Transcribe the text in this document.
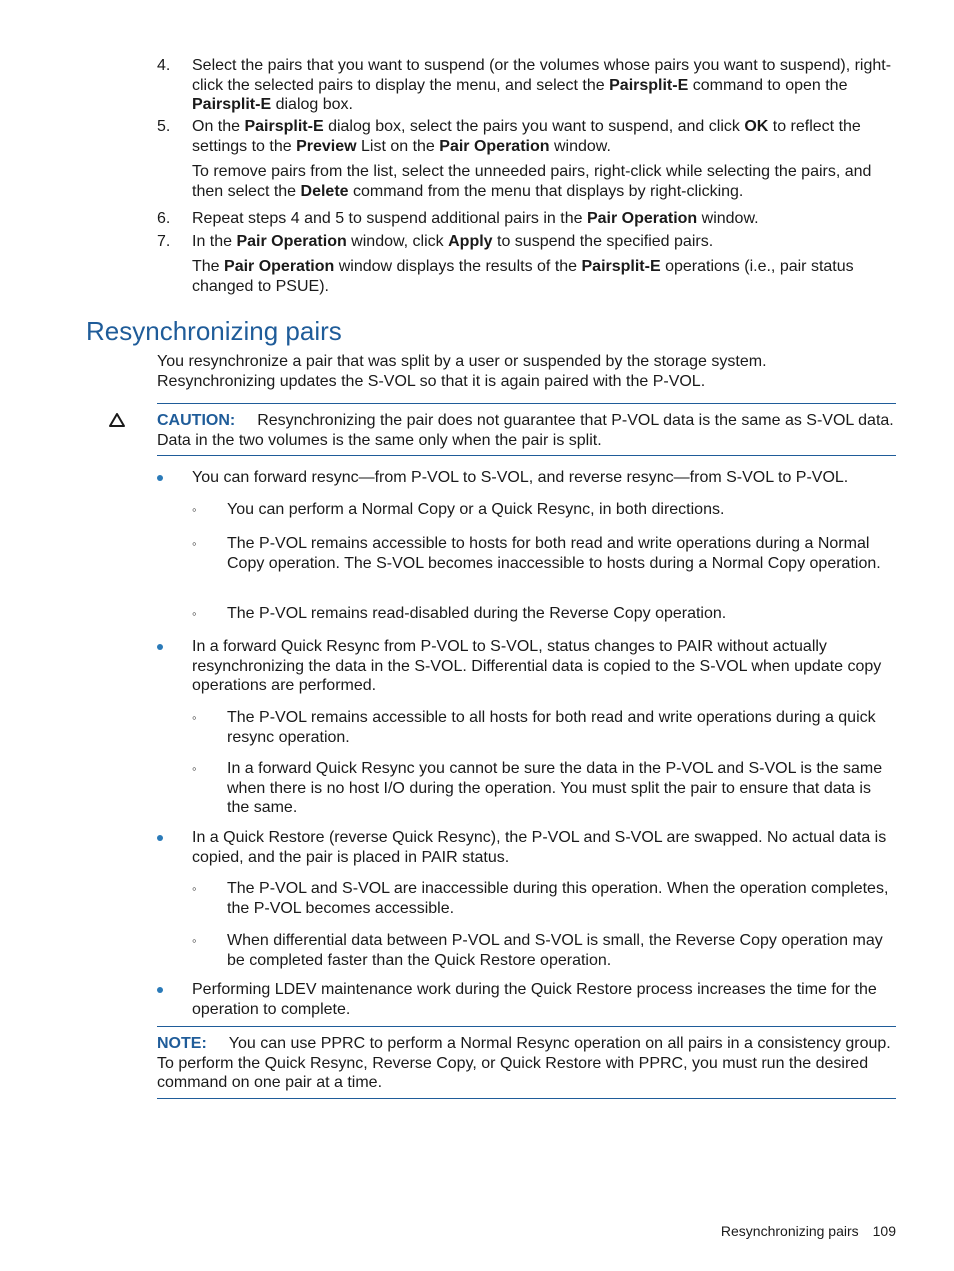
4. Select the pairs that you want to suspend (or the volumes whose pairs you want to suspend), right-click the selected pairs to display the menu, and select the Pairsplit-E command to open the Pairsplit-E dialog box.
5. On the Pairsplit-E dialog box, select the pairs you want to suspend, and click OK to reflect the settings to the Preview List on the Pair Operation window.
To remove pairs from the list, select the unneeded pairs, right-click while selecting the pairs, and then select the Delete command from the menu that displays by right-clicking.
6. Repeat steps 4 and 5 to suspend additional pairs in the Pair Operation window.
7. In the Pair Operation window, click Apply to suspend the specified pairs.
The Pair Operation window displays the results of the Pairsplit-E operations (i.e., pair status changed to PSUE).
Resynchronizing pairs
You resynchronize a pair that was split by a user or suspended by the storage system. Resynchronizing updates the S-VOL so that it is again paired with the P-VOL.
CAUTION: Resynchronizing the pair does not guarantee that P-VOL data is the same as S-VOL data. Data in the two volumes is the same only when the pair is split.
You can forward resync—from P-VOL to S-VOL, and reverse resync—from S-VOL to P-VOL.
◦ You can perform a Normal Copy or a Quick Resync, in both directions.
◦ The P-VOL remains accessible to hosts for both read and write operations during a Normal Copy operation. The S-VOL becomes inaccessible to hosts during a Normal Copy operation.
◦ The P-VOL remains read-disabled during the Reverse Copy operation.
In a forward Quick Resync from P-VOL to S-VOL, status changes to PAIR without actually resynchronizing the data in the S-VOL. Differential data is copied to the S-VOL when update copy operations are performed.
◦ The P-VOL remains accessible to all hosts for both read and write operations during a quick resync operation.
◦ In a forward Quick Resync you cannot be sure the data in the P-VOL and S-VOL is the same when there is no host I/O during the operation. You must split the pair to ensure that data is the same.
In a Quick Restore (reverse Quick Resync), the P-VOL and S-VOL are swapped. No actual data is copied, and the pair is placed in PAIR status.
◦ The P-VOL and S-VOL are inaccessible during this operation. When the operation completes, the P-VOL becomes accessible.
◦ When differential data between P-VOL and S-VOL is small, the Reverse Copy operation may be completed faster than the Quick Restore operation.
Performing LDEV maintenance work during the Quick Restore process increases the time for the operation to complete.
NOTE: You can use PPRC to perform a Normal Resync operation on all pairs in a consistency group. To perform the Quick Resync, Reverse Copy, or Quick Restore with PPRC, you must run the desired command on one pair at a time.
Resynchronizing pairs 109
